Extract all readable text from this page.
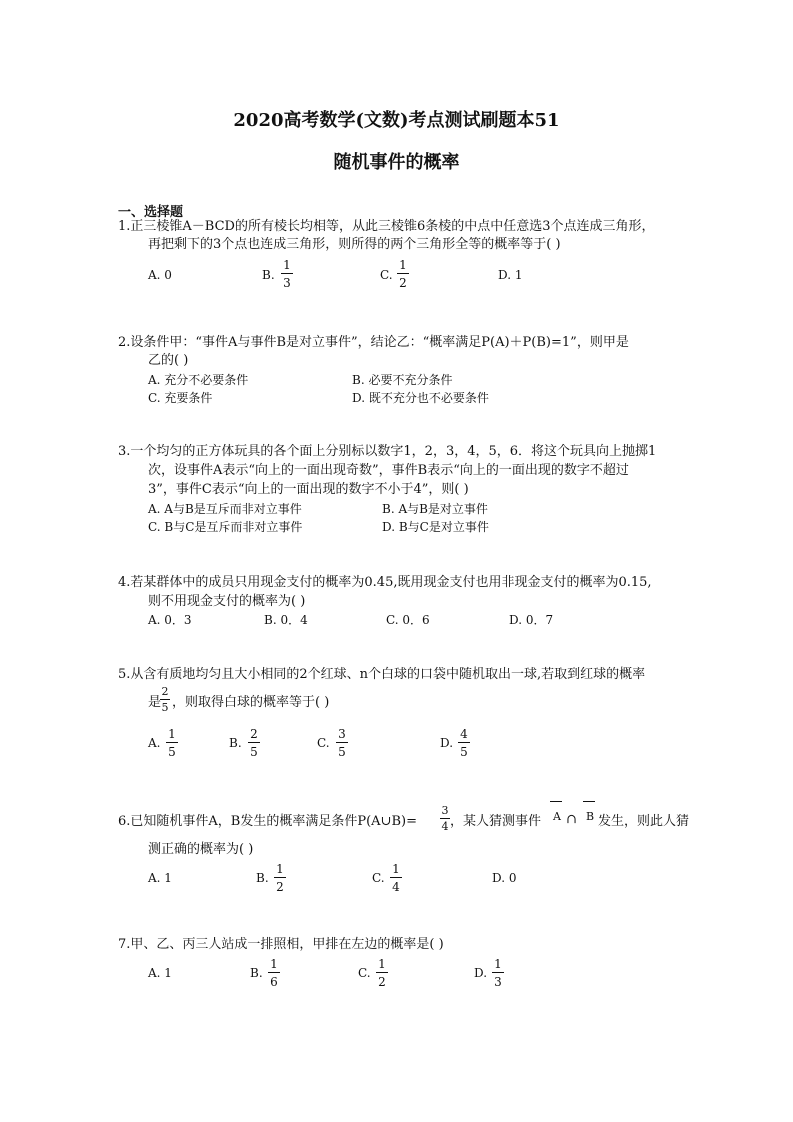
2020高考数学(文数)考点测试刷题本51
随机事件的概率
一、选择题
1.正三棱锥A－BCD的所有棱长均相等，从此三棱锥6条棱的中点中任意选3个点连成三角形，
再把剩下的3个点也连成三角形，则所得的两个三角形全等的概率等于( )
A. 0	B. $\frac{1}{3}$	C. $\frac{1}{2}$	D. 1
2.设条件甲：“事件A与事件B是对立事件”，结论乙：“概率满足P(A)＋P(B)=1”，则甲是
乙的( )
A. 充分不必要条件	B. 必要不充分条件
C. 充要条件	D. 既不充分也不必要条件
3.一个均匀的正方体玩具的各个面上分别标以数字1，2，3，4，5，6．将这个玩具向上抛掷1
次，设事件A表示“向上的一面出现奇数”，事件B表示“向上的一面出现的数字不超过
3”，事件C表示“向上的一面出现的数字不小于4”，则( )
A. A与B是互斥而非对立事件	B. A与B是对立事件
C. B与C是互斥而非对立事件	D. B与C是对立事件
4.若某群体中的成员只用现金支付的概率为0.45,既用现金支付也用非现金支付的概率为0.15,
则不用现金支付的概率为( )
A. 0．3	B. 0．4	C. 0．6	D. 0．7
5.从含有质地均匀且大小相同的2个红球、n个白球的口袋中随机取出一球,若取到红球的概率
是
$\frac{2}{5}$ ，则取得白球的概率等于( )
A. $\frac{1}{5}$	B. $\frac{2}{5}$	C. $\frac{3}{5}$	D. $\frac{4}{5}$
6.已知随机事件A，B发生的概率满足条件P(A∪B)= $\frac{3}{4}$ ，某人猜测事件 A ∩ B 发生，则此人猜
测正确的概率为( )
A. 1	B. $\frac{1}{2}$	C. $\frac{1}{4}$	D. 0
7.甲、乙、丙三人站成一排照相，甲排在左边的概率是( )
A. 1	B. $\frac{1}{6}$	C. $\frac{1}{2}$	D. $\frac{1}{3}$
